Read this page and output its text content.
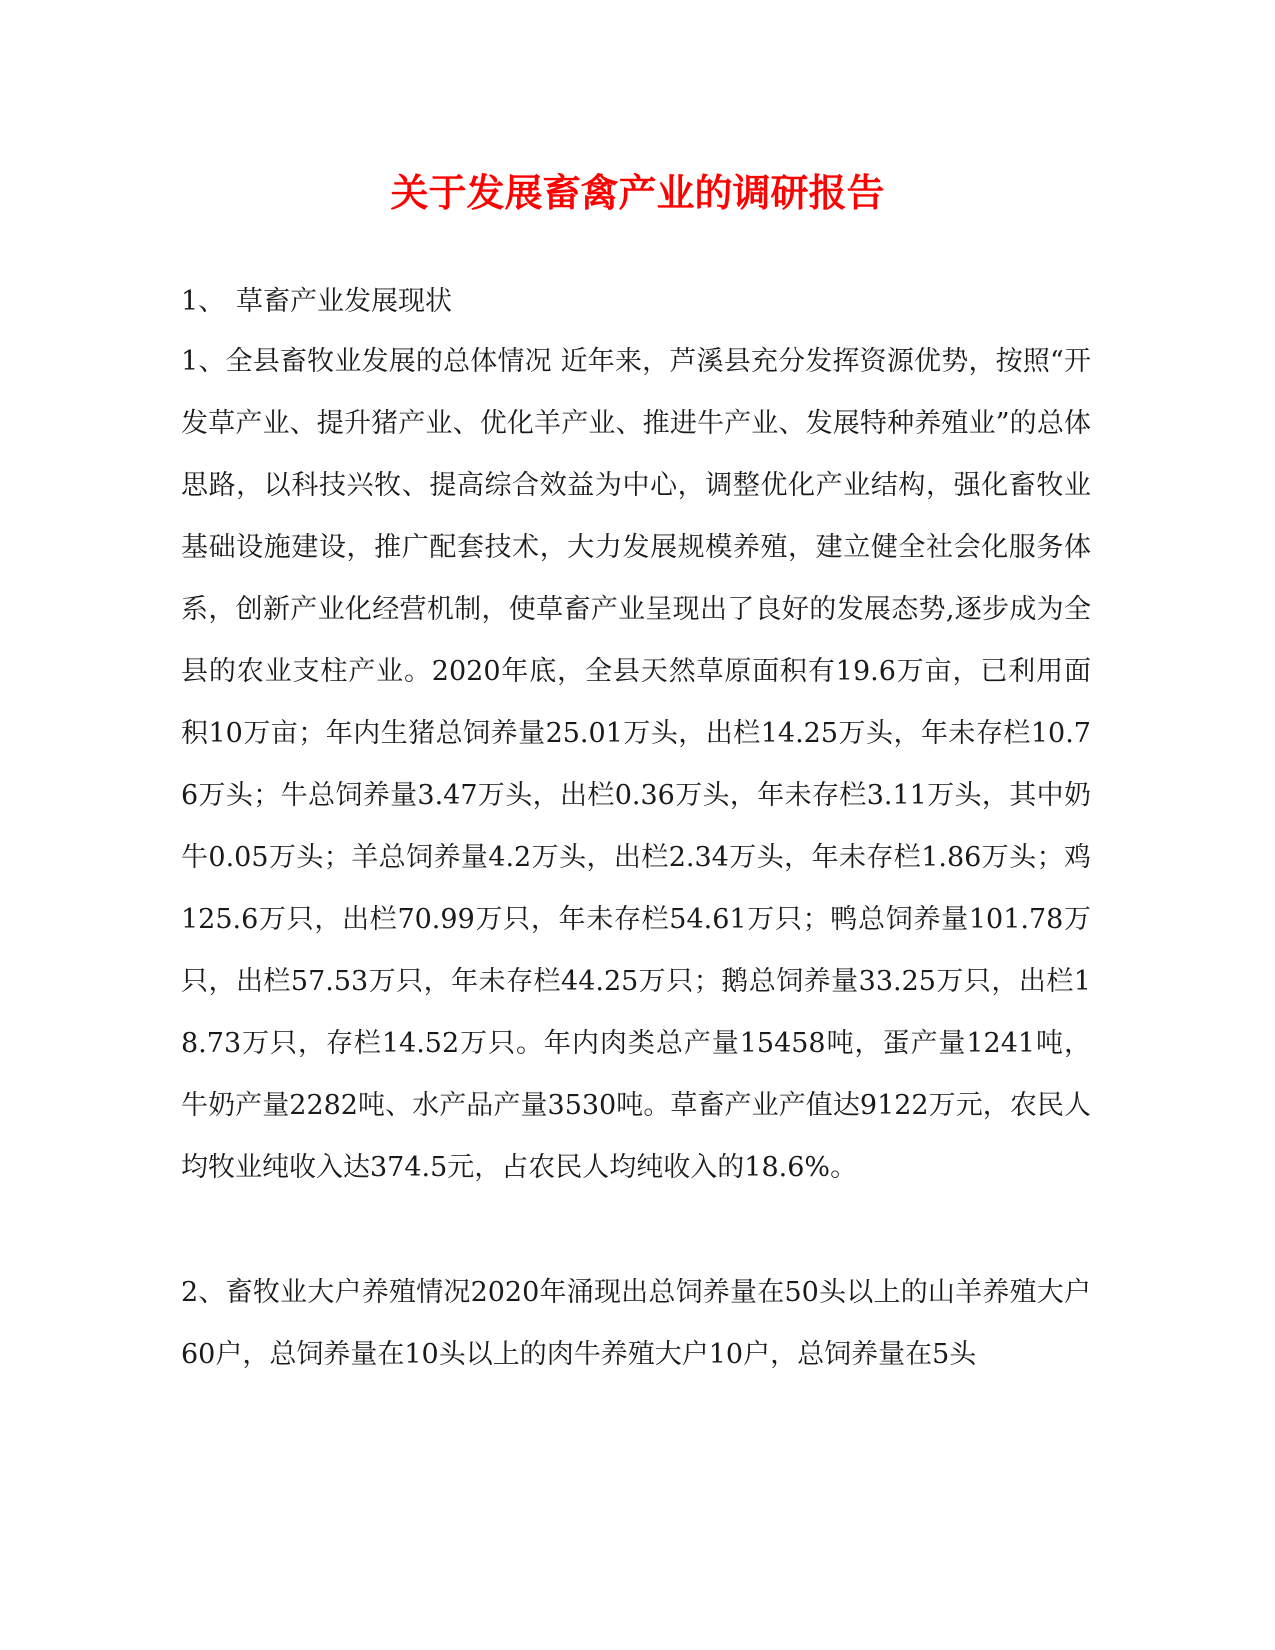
关于发展畜禽产业的调研报告

1、 草畜产业发展现状

1、全县畜牧业发展的总体情况 近年来，芦溪县充分发挥资源优势，按照“开发草产业、提升猪产业、优化羊产业、推进牛产业、发展特种养殖业”的总体思路，以科技兴牧、提高综合效益为中心，调整优化产业结构，强化畜牧业基础设施建设，推广配套技术，大力发展规模养殖，建立健全社会化服务体系，创新产业化经营机制，使草畜产业呈现出了良好的发展态势,逐步成为全县的农业支柱产业。2020年底，全县天然草原面积有19.6万亩，已利用面积10万亩；年内生猪总饲养量25.01万头，出栏14.25万头，年未存栏10.76万头；牛总饲养量3.47万头，出栏0.36万头，年未存栏3.11万头，其中奶牛0.05万头；羊总饲养量4.2万头，出栏2.34万头，年未存栏1.86万头；鸡125.6万只，出栏70.99万只，年未存栏54.61万只；鸭总饲养量101.78万只，出栏57.53万只，年未存栏44.25万只；鹅总饲养量33.25万只，出栏18.73万只，存栏14.52万只。年内肉类总产量15458吨，蛋产量1241吨，牛奶产量2282吨、水产品产量3530吨。草畜产业产值达9122万元，农民人均牧业纯收入达374.5元，占农民人均纯收入的18.6%。

2、畜牧业大户养殖情况2020年涌现出总饲养量在50头以上的山羊养殖大户60户，总饲养量在10头以上的肉牛养殖大户10户，总饲养量在5头
